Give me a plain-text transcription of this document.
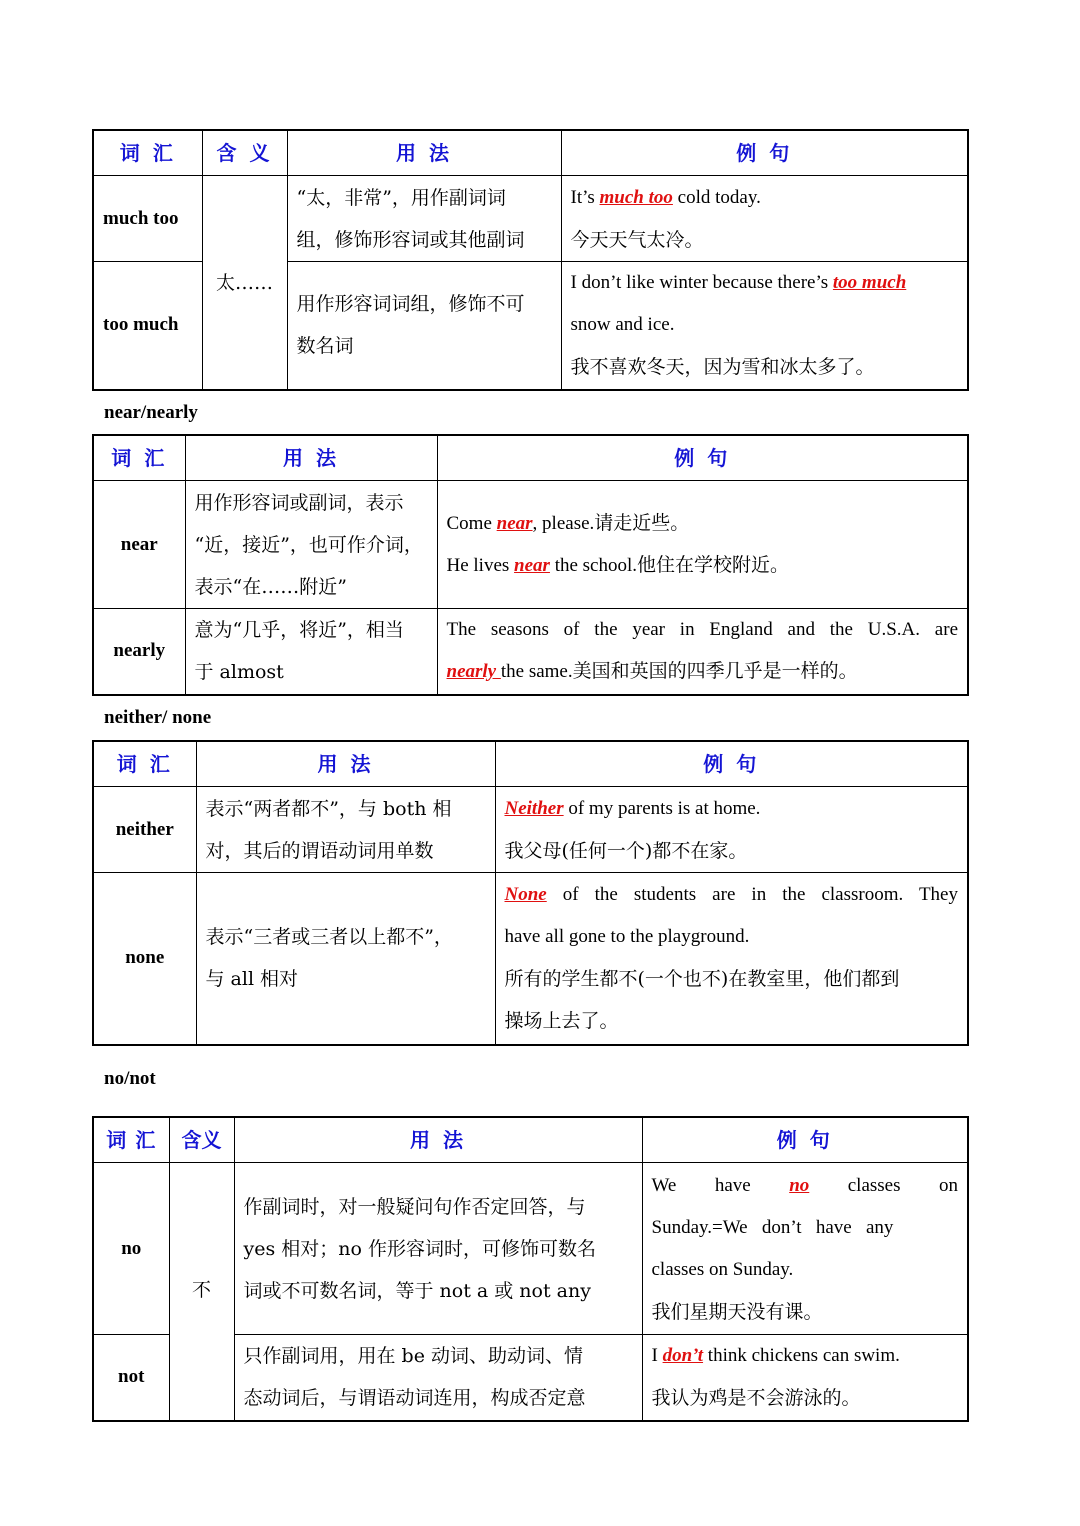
词 汇	含 义	用 法	例 句
much too	太……	“太，非常”，用作副词词
组，修饰形容词或其他副词	It’s much too cold today.
今天天气太冷。

too much		用作形容词词组，修饰不可
数名词	I don’t like winter because there’s too much
snow and ice.
我不喜欢冬天，因为雪和冰太多了。
near/nearly
词 汇	用 法	例 句
near	用作形容词或副词，表示
“近，接近”，也可作介词，
表示“在……附近”	Come near, please.请走近些。
He lives near the school.他住在学校附近。

nearly	意为“几乎，将近”，相当
于 almost	The seasons of the year in England and the U.S.A. are
nearly the same.美国和英国的四季几乎是一样的。
neither/ none
词 汇	用 法	例 句
neither	表示“两者都不”，与 both 相
对，其后的谓语动词用单数	Neither of my parents is at home.
我父母(任何一个)都不在家。

none	表示“三者或三者以上都不”，
与 all 相对	None of the students are in the classroom. They
have all gone to the playground.
所有的学生都不(一个也不)在教室里，他们都到
操场上去了。
no/not
词 汇	含义	用 法	例 句
no	不	作副词时，对一般疑问句作否定回答，与
yes 相对；no 作形容词时，可修饰可数名
词或不可数名词，等于 not a 或 not any	We    have    no    classes    on
Sunday.=We   don’t   have   any
classes on Sunday.
我们星期天没有课。

not		只作副词用，用在 be 动词、助动词、情
态动词后，与谓语动词连用，构成否定意	I don’t think chickens can swim.
我认为鸡是不会游泳的。
